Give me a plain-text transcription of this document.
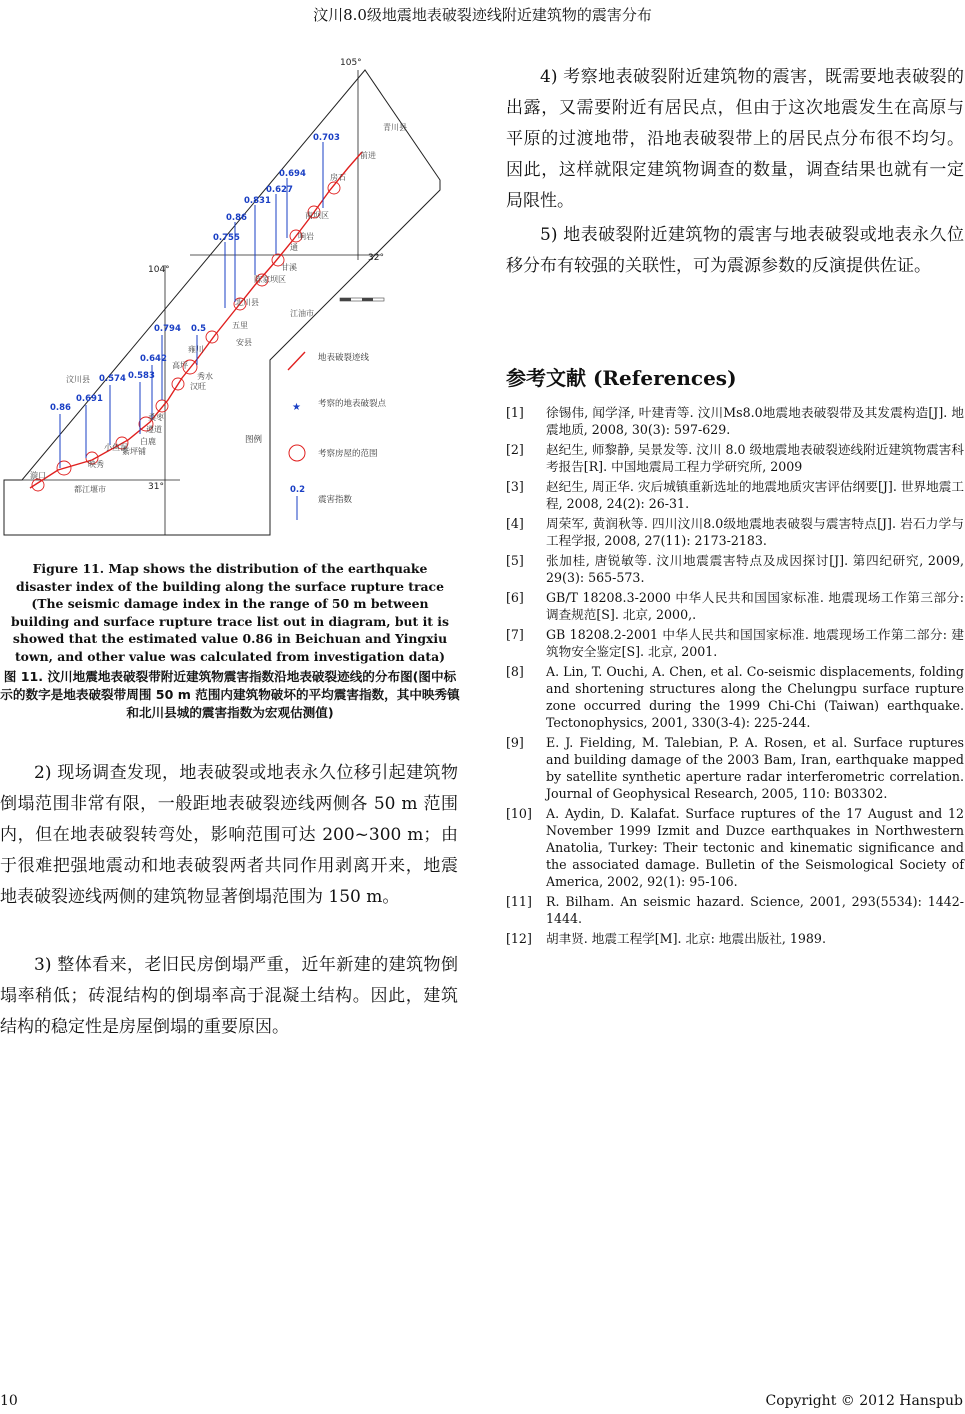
汶川8.0级地震地表破裂迹线附近建筑物的震害分布
105°
32°
104°
31°
青川县
前进
房石
南坝区
响岩
通
甘溪
陈家坝区
北川县
江油市
五里
安县
雍川
高坪
汉旺
秀水
桑枣
汶川县
映秀
紫坪铺
都江堰市
白鹿
小鱼洞
遵道
漩口
0.703
0.694
0.627
0.831
0.86
0.755
0.794 0.5
0.642
0.583
0.574
0.691
0.86
图例
地表破裂迹线
★ 考察的地表破裂点
考察房屋的范围
0.2
震害指数
Figure 11. Map shows the distribution of the earthquake disaster index of the building along the surface rupture trace (The seismic damage index in the range of 50 m between building and surface rupture trace list out in diagram, but it is showed that the estimated value 0.86 in Beichuan and Yingxiu town, and other value was calculated from investigation data)
图 11. 汶川地震地表破裂带附近建筑物震害指数沿地表破裂迹线的分布图(图中标示的数字是地表破裂带周围 50 m 范围内建筑物破坏的平均震害指数，其中映秀镇和北川县城的震害指数为宏观估测值)

2) 现场调查发现，地表破裂或地表永久位移引起建筑物倒塌范围非常有限，一般距地表破裂迹线两侧各 50 m 范围内，但在地表破裂转弯处，影响范围可达 200~300 m；由于很难把强地震动和地表破裂两者共同作用剥离开来，地震地表破裂迹线两侧的建筑物显著倒塌范围为 150 m。

3) 整体看来，老旧民房倒塌严重，近年新建的建筑物倒塌率稍低；砖混结构的倒塌率高于混凝土结构。因此，建筑结构的稳定性是房屋倒塌的重要原因。

4) 考察地表破裂附近建筑物的震害，既需要地表破裂的出露，又需要附近有居民点，但由于这次地震发生在高原与平原的过渡地带，沿地表破裂带上的居民点分布很不均匀。因此，这样就限定建筑物调查的数量，调查结果也就有一定局限性。

5) 地表破裂附近建筑物的震害与地表破裂或地表永久位移分布有较强的关联性，可为震源参数的反演提供佐证。

参考文献 (References)
[1]	徐锡伟, 闻学泽, 叶建青等. 汶川Ms8.0地震地表破裂带及其发震构造[J]. 地震地质, 2008, 30(3): 597-629.
[2]	赵纪生, 师黎静, 吴景发等. 汶川 8.0 级地震地表破裂迹线附近建筑物震害科考报告[R]. 中国地震局工程力学研究所, 2009
[3]	赵纪生, 周正华. 灾后城镇重新选址的地震地质灾害评估纲要[J]. 世界地震工程, 2008, 24(2): 26-31.
[4]	周荣军, 黄润秋等. 四川汶川8.0级地震地表破裂与震害特点[J]. 岩石力学与工程学报, 2008, 27(11): 2173-2183.
[5]	张加桂, 唐锐敏等. 汶川地震震害特点及成因探讨[J]. 第四纪研究, 2009, 29(3): 565-573.
[6]	GB/T 18208.3-2000 中华人民共和国国家标准. 地震现场工作第三部分: 调查规范[S]. 北京, 2000,.
[7]	GB 18208.2-2001 中华人民共和国国家标准. 地震现场工作第二部分: 建筑物安全鉴定[S]. 北京, 2001.
[8]	A. Lin, T. Ouchi, A. Chen, et al. Co-seismic displacements, folding and shortening structures along the Chelungpu surface rupture zone occurred during the 1999 Chi-Chi (Taiwan) earthquake. Tectonophysics, 2001, 330(3-4): 225-244.
[9]	E. J. Fielding, M. Talebian, P. A. Rosen, et al. Surface ruptures and building damage of the 2003 Bam, Iran, earthquake mapped by satellite synthetic aperture radar interferometric correlation. Journal of Geophysical Research, 2005, 110: B03302.
[10]	A. Aydin, D. Kalafat. Surface ruptures of the 17 August and 12 November 1999 Izmit and Duzce earthquakes in Northwestern Anatolia, Turkey: Their tectonic and kinematic significance and the associated damage. Bulletin of the Seismological Society of America, 2002, 92(1): 95-106.
[11]	R. Bilham. An seismic hazard. Science, 2001, 293(5534): 1442-1444.
[12]	胡聿贤. 地震工程学[M]. 北京: 地震出版社, 1989.
10	Copyright © 2012 Hanspub
